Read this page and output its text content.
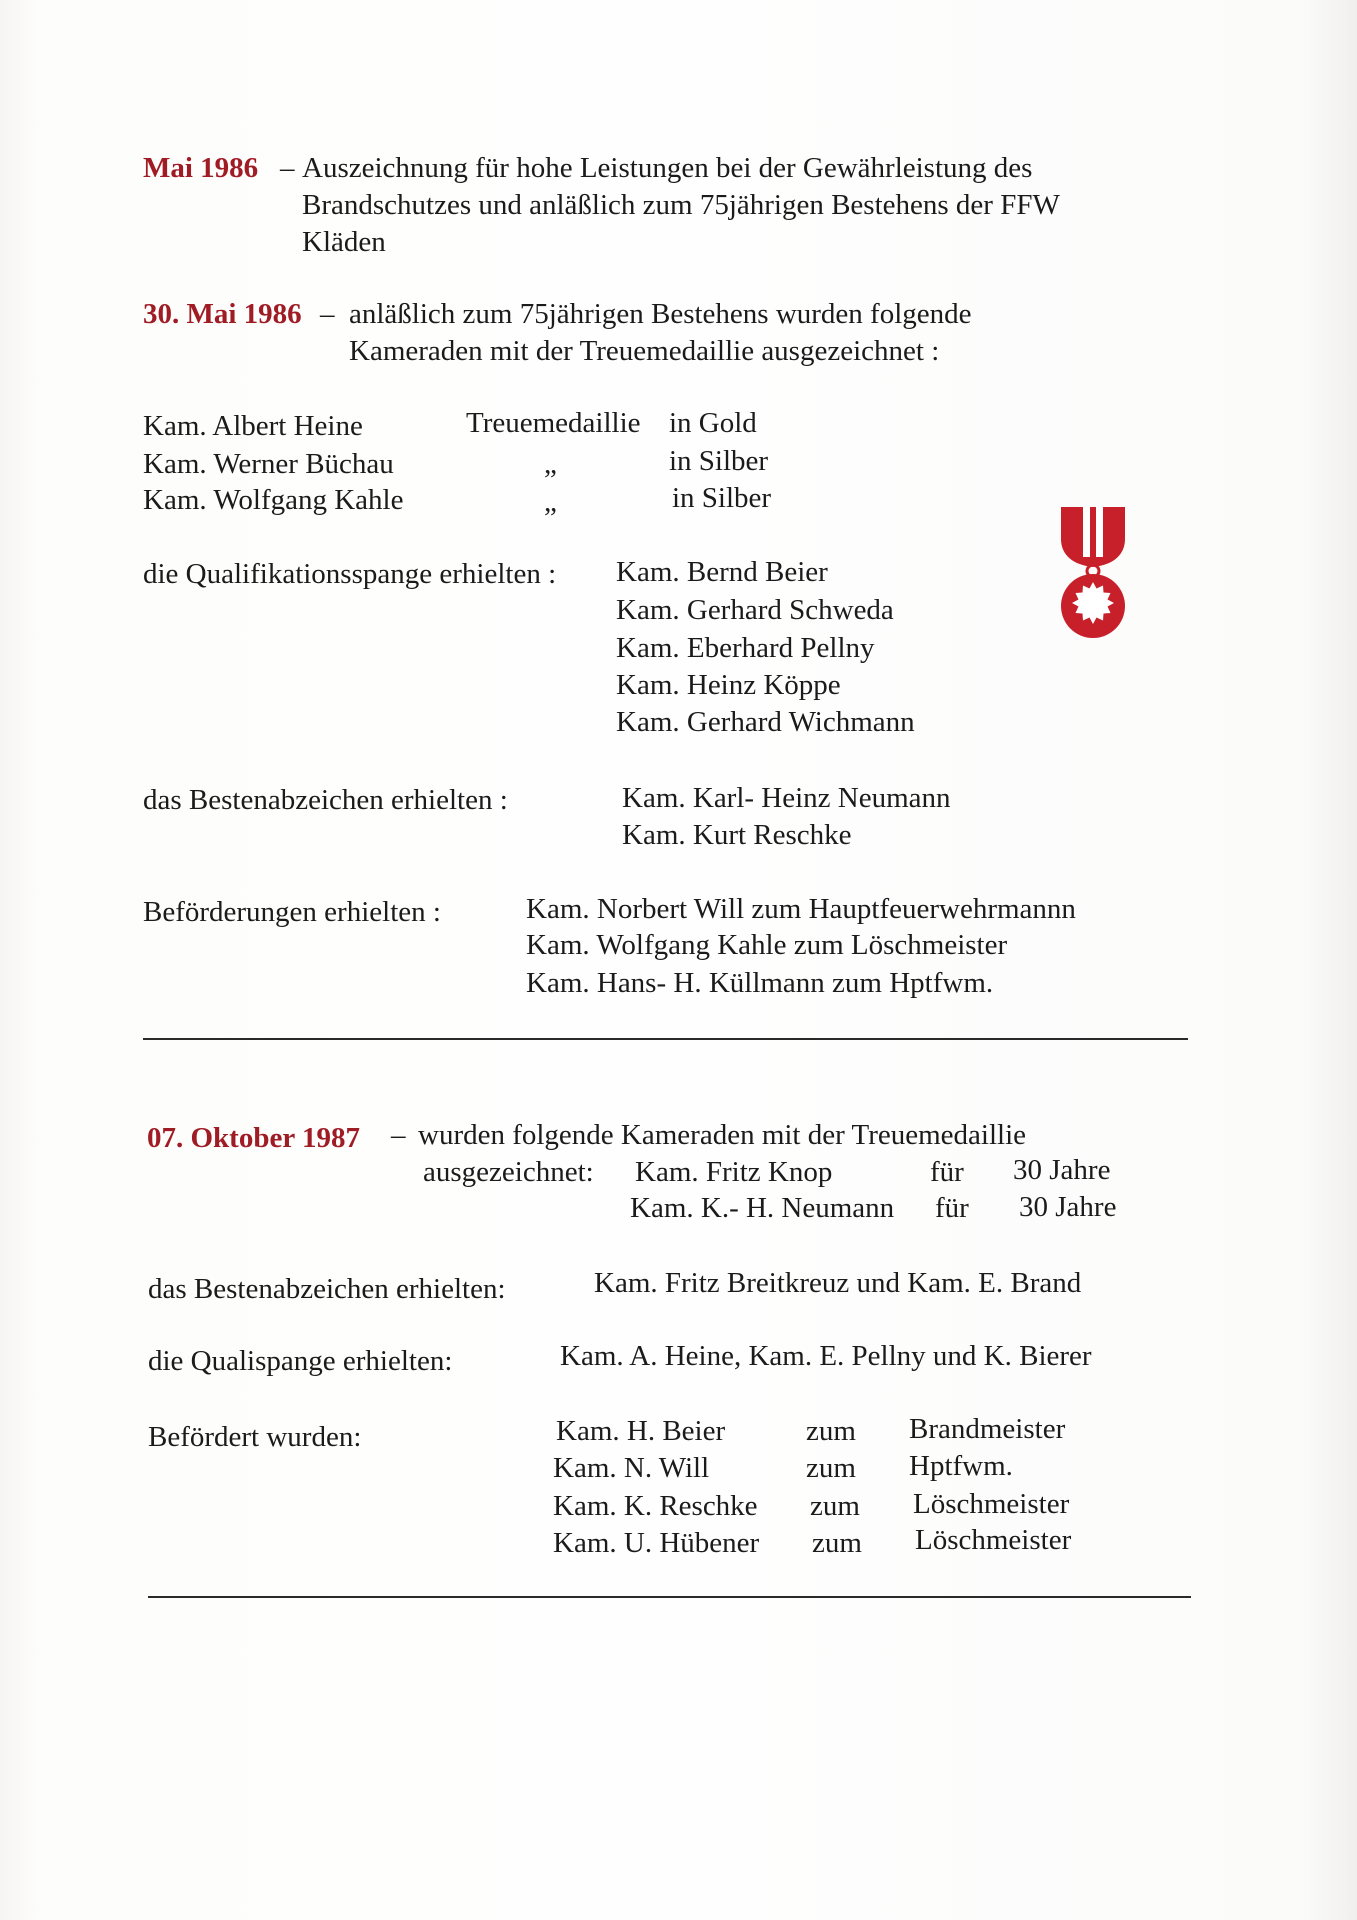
Mai 1986 – Auszeichnung für hohe Leistungen bei der Gewährleistung des
Brandschutzes und anläßlich zum 75jährigen Bestehens der FFW
Kläden
30. Mai 1986 – anläßlich zum 75jährigen Bestehens wurden folgende
Kameraden mit der Treuemedaillie ausgezeichnet :
Kam. Albert Heine	Treuemedaillie in Gold
Kam. Werner Büchau	„	in Silber
Kam. Wolfgang Kahle	„	in Silber
die Qualifikationsspange erhielten : Kam. Bernd Beier
Kam. Gerhard Schweda
Kam. Eberhard Pellny
Kam. Heinz Köppe
Kam. Gerhard Wichmann
das Bestenabzeichen erhielten :	Kam. Karl- Heinz Neumann
Kam. Kurt Reschke
Beförderungen erhielten :	Kam. Norbert Will zum Hauptfeuerwehrmannn
Kam. Wolfgang Kahle zum Löschmeister
Kam. Hans- H. Küllmann zum Hptfwm.
07. Oktober 1987 – wurden folgende Kameraden mit der Treuemedaillie
ausgezeichnet: Kam. Fritz Knop	für 30 Jahre
Kam. K.- H. Neumann für 30 Jahre
das Bestenabzeichen erhielten:	Kam. Fritz Breitkreuz und Kam. E. Brand
die Qualispange erhielten:	Kam. A. Heine, Kam. E. Pellny und K. Bierer
Befördert wurden:	Kam. H. Beier	zum Brandmeister
Kam. N. Will	zum Hptfwm.
Kam. K. Reschke zum Löschmeister
Kam. U. Hübener zum Löschmeister
